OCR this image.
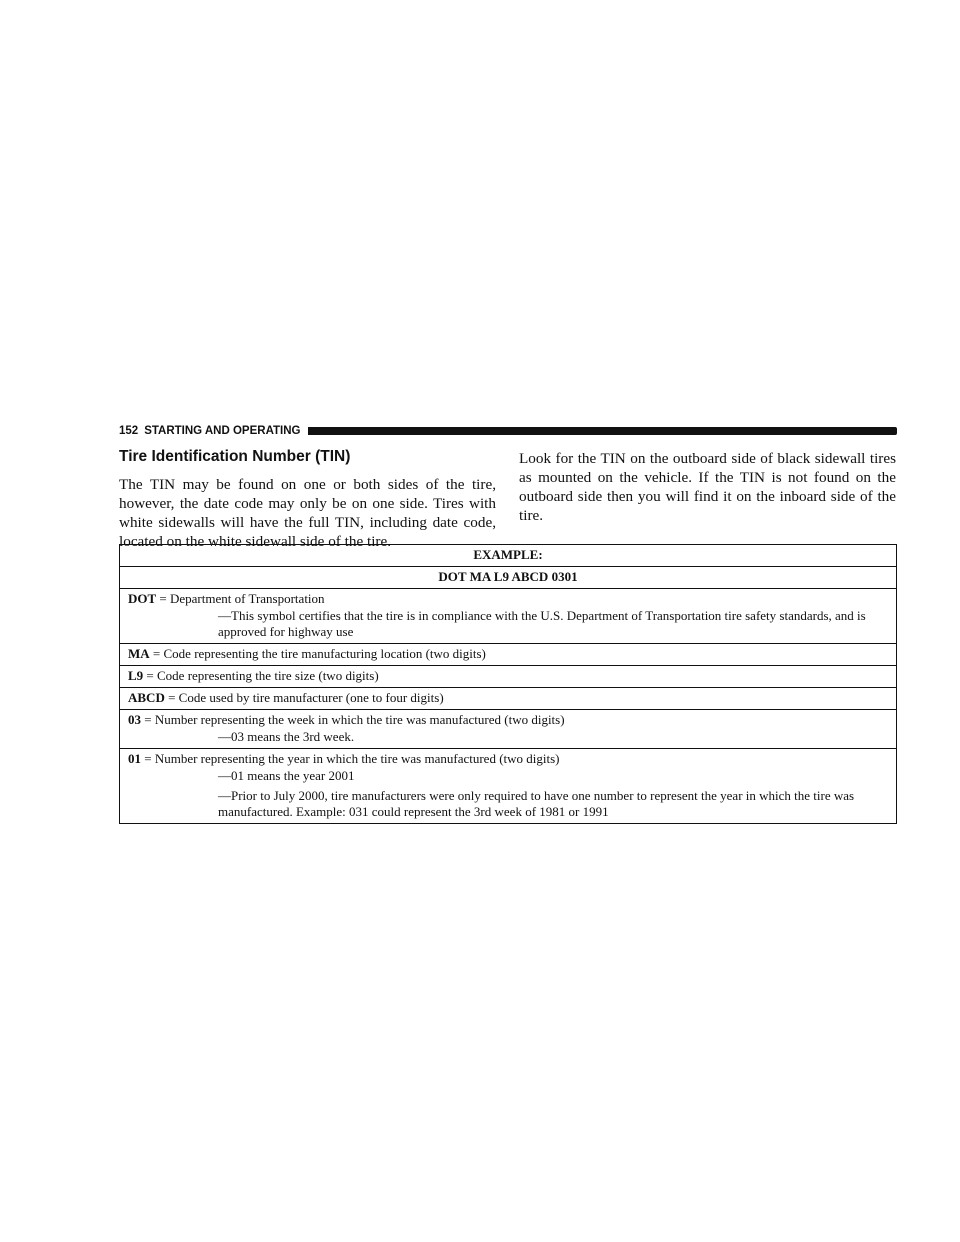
152 STARTING AND OPERATING
Tire Identification Number (TIN)

The TIN may be found on one or both sides of the tire, however, the date code may only be on one side. Tires with white sidewalls will have the full TIN, including date code, located on the white sidewall side of the tire.

Look for the TIN on the outboard side of black sidewall tires as mounted on the vehicle. If the TIN is not found on the outboard side then you will find it on the inboard side of the tire.

EXAMPLE:
DOT MA L9 ABCD 0301
DOT = Department of Transportation
—This symbol certifies that the tire is in compliance with the U.S. Department of Transportation tire safety standards, and is approved for highway use

MA = Code representing the tire manufacturing location (two digits)
L9 = Code representing the tire size (two digits)
ABCD = Code used by tire manufacturer (one to four digits)
03 = Number representing the week in which the tire was manufactured (two digits)
—03 means the 3rd week.

01 = Number representing the year in which the tire was manufactured (two digits)
—01 means the year 2001
—Prior to July 2000, tire manufacturers were only required to have one number to represent the year in which the tire was manufactured. Example: 031 could represent the 3rd week of 1981 or 1991
